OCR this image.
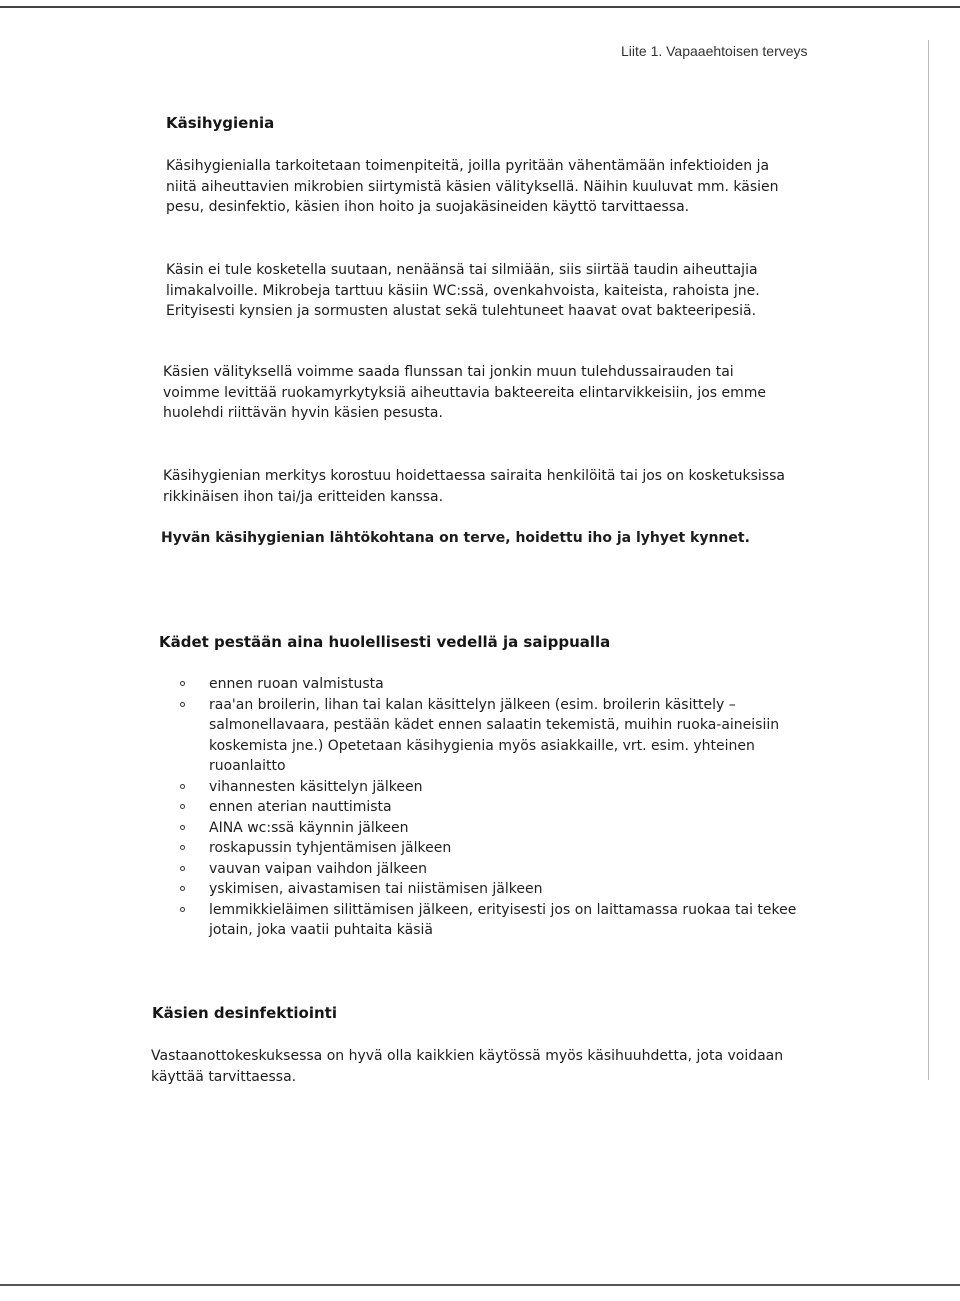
Liite 1. Vapaaehtoisen terveys
Käsihygienia
Käsihygienialla tarkoitetaan toimenpiteitä, joilla pyritään vähentämään infektioiden ja niitä aiheuttavien mikrobien siirtymistä käsien välityksellä. Näihin kuuluvat mm. käsien pesu, desinfektio, käsien ihon hoito ja suojakäsineiden käyttö tarvittaessa.
Käsin ei tule kosketella suutaan, nenäänsä tai silmiään, siis siirtää taudin aiheuttajia limakalvoille. Mikrobeja tarttuu käsiin WC:ssä, ovenkahvoista, kaiteista, rahoista jne. Erityisesti kynsien ja sormusten alustat sekä tulehtuneet haavat ovat bakteeripesiä.
Käsien välityksellä voimme saada flunssan tai jonkin muun tulehdussairauden tai voimme levittää ruokamyrkytyksiä aiheuttavia bakteereita elintarvikkeisiin, jos emme huolehdi riittävän hyvin käsien pesusta.
Käsihygienian merkitys korostuu hoidettaessa sairaita henkilöitä tai jos on kosketuksissa rikkinäisen ihon tai/ja eritteiden kanssa.
Hyvän käsihygienian lähtökohtana on terve, hoidettu iho ja lyhyet kynnet.
Kädet pestään aina huolellisesti vedellä ja saippualla
ennen ruoan valmistusta
raa'an broilerin, lihan tai kalan käsittelyn jälkeen (esim. broilerin käsittely – salmonellavaara, pestään kädet ennen salaatin tekemistä, muihin ruoka-aineisiin koskemista jne.) Opetetaan käsihygienia myös asiakkaille, vrt. esim. yhteinen ruoanlaitto
vihannesten käsittelyn jälkeen
ennen aterian nauttimista
AINA wc:ssä käynnin jälkeen
roskapussin tyhjentämisen jälkeen
vauvan vaipan vaihdon jälkeen
yskimisen, aivastamisen tai niistämisen jälkeen
lemmikkieläimen silittämisen jälkeen, erityisesti jos on laittamassa ruokaa tai tekee jotain, joka vaatii puhtaita käsiä
Käsien desinfektiointi
Vastaanottokeskuksessa on hyvä olla kaikkien käytössä myös käsihuuhdetta, jota voidaan käyttää tarvittaessa.
